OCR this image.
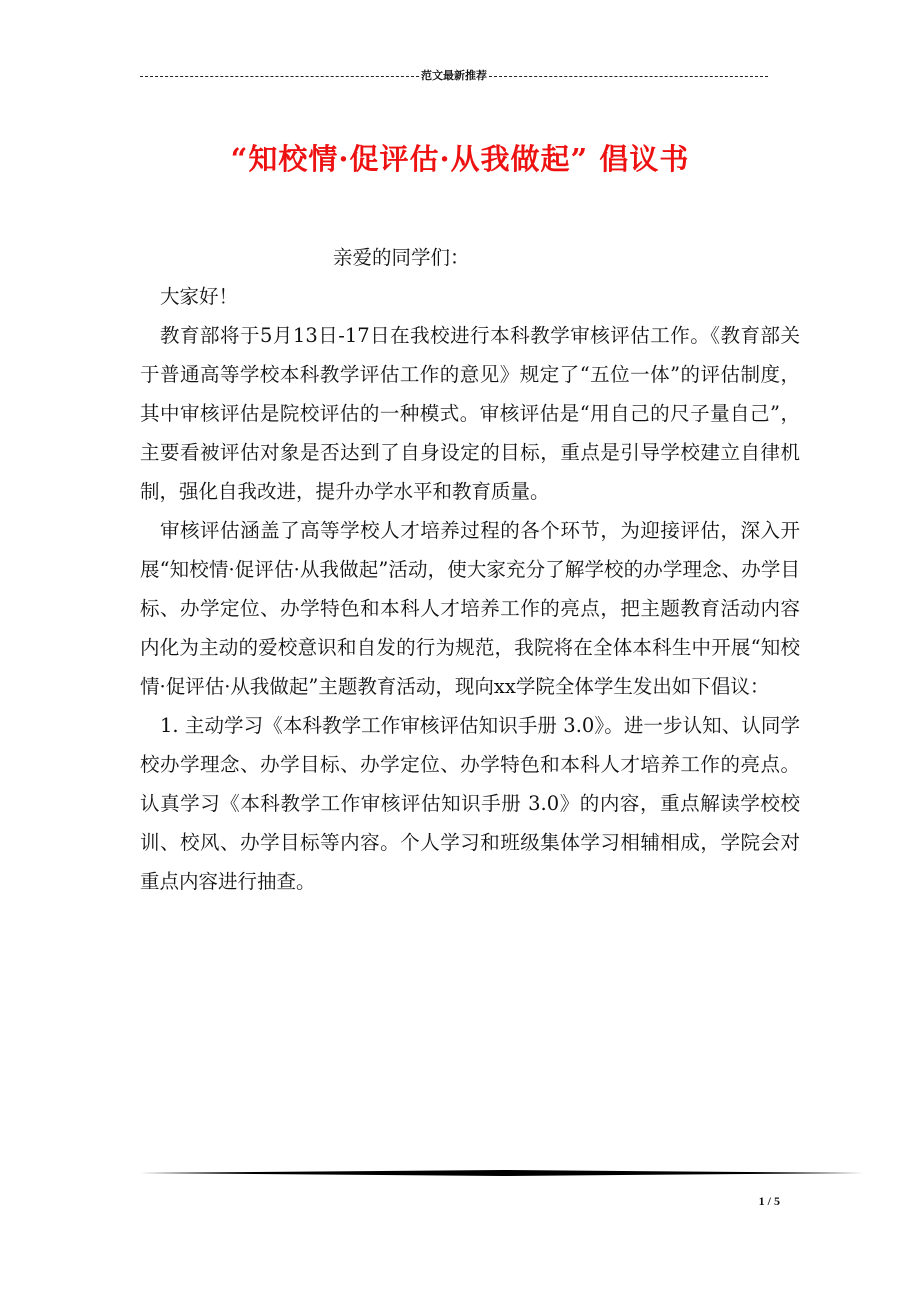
范文最新推荐
“知校情·促评估·从我做起” 倡议书

亲爱的同学们：

大家好！

教育部将于5月13日-17日在我校进行本科教学审核评估工作。《教育部关于普通高等学校本科教学评估工作的意见》规定了“五位一体”的评估制度， 其中审核评估是院校评估的一种模式。审核评估是“用自己的尺子量自己”，主要看被评估对象是否达到了自身设定的目标，重点是引导学校建立自律机制，强化自我改进，提升办学水平和教育质量。

审核评估涵盖了高等学校人才培养过程的各个环节，为迎接评估，深入开展“知校情·促评估·从我做起”活动，使大家充分了解学校的办学理念、办学目标、办学定位、办学特色和本科人才培养工作的亮点，把主题教育活动内容内化为主动的爱校意识和自发的行为规范，我院将在全体本科生中开展“知校情·促评估·从我做起”主题教育活动，现向xx学院全体学生发出如下倡议：

1. 主动学习《本科教学工作审核评估知识手册 3.0》。进一步认知、认同学校办学理念、办学目标、办学定位、办学特色和本科人才培养工作的亮点。认真学习《本科教学工作审核评估知识手册 3.0》的内容，重点解读学校校训、校风、办学目标等内容。个人学习和班级集体学习相辅相成，学院会对重点内容进行抽查。

1 / 5
